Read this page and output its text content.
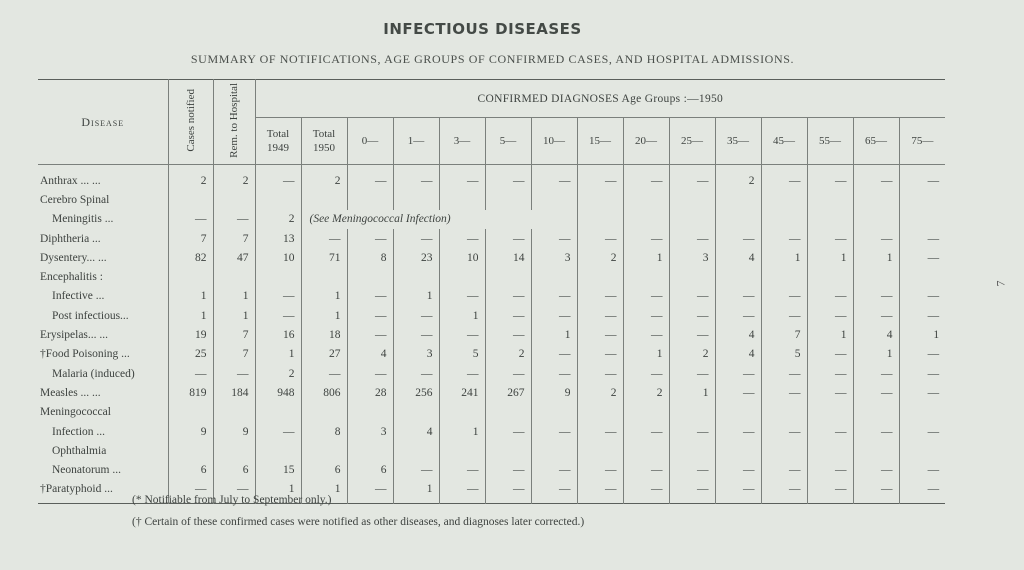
INFECTIOUS DISEASES
SUMMARY OF NOTIFICATIONS, AGE GROUPS OF CONFIRMED CASES, AND HOSPITAL ADMISSIONS.
Disease	Cases notified	Rem. to Hospital	CONFIRMED DIAGNOSES Age Groups :—1950														
			Total 1949	Total 1950	0—	1—	3—	5—	10—	15—	20—	25—	35—	45—	55—	65—	75—
Anthrax ... ...	2	2	—	2	—	—	—	—	—	—	—	—	2	—	—	—	—
Cerebro Spinal																	
Meningitis ...	—	—	2	(See Meningococcal Infection)													
Diphtheria ...	7	7	13	—	—	—	—	—	—	—	—	—	—	—	—	—	—
Dysentery... ...	82	47	10	71	8	23	10	14	3	2	1	3	4	1	1	1	—
Encephalitis :																	
Infective ...	1	1	—	1	—	1	—	—	—	—	—	—	—	—	—	—	—
Post infectious...	1	1	—	1	—	—	1	—	—	—	—	—	—	—	—	—	—
Erysipelas... ...	19	7	16	18	—	—	—	—	1	—	—	—	4	7	1	4	1
†Food Poisoning ...	25	7	1	27	4	3	5	2	—	—	1	2	4	5	—	1	—
Malaria (induced)	—	—	2	—	—	—	—	—	—	—	—	—	—	—	—	—	—
Measles ... ...	819	184	948	806	28	256	241	267	9	2	2	1	—	—	—	—	—
Meningococcal																	
Infection ...	9	9	—	8	3	4	1	—	—	—	—	—	—	—	—	—	—
Ophthalmia																	
Neonatorum ...	6	6	15	6	6	—	—	—	—	—	—	—	—	—	—	—	—
†Paratyphoid ...	—	—	1	1	—	1	—	—	—	—	—	—	—	—	—	—	—

(* Notifiable from July to September only.)
(† Certain of these confirmed cases were notified as other diseases, and diagnoses later corrected.)
7
